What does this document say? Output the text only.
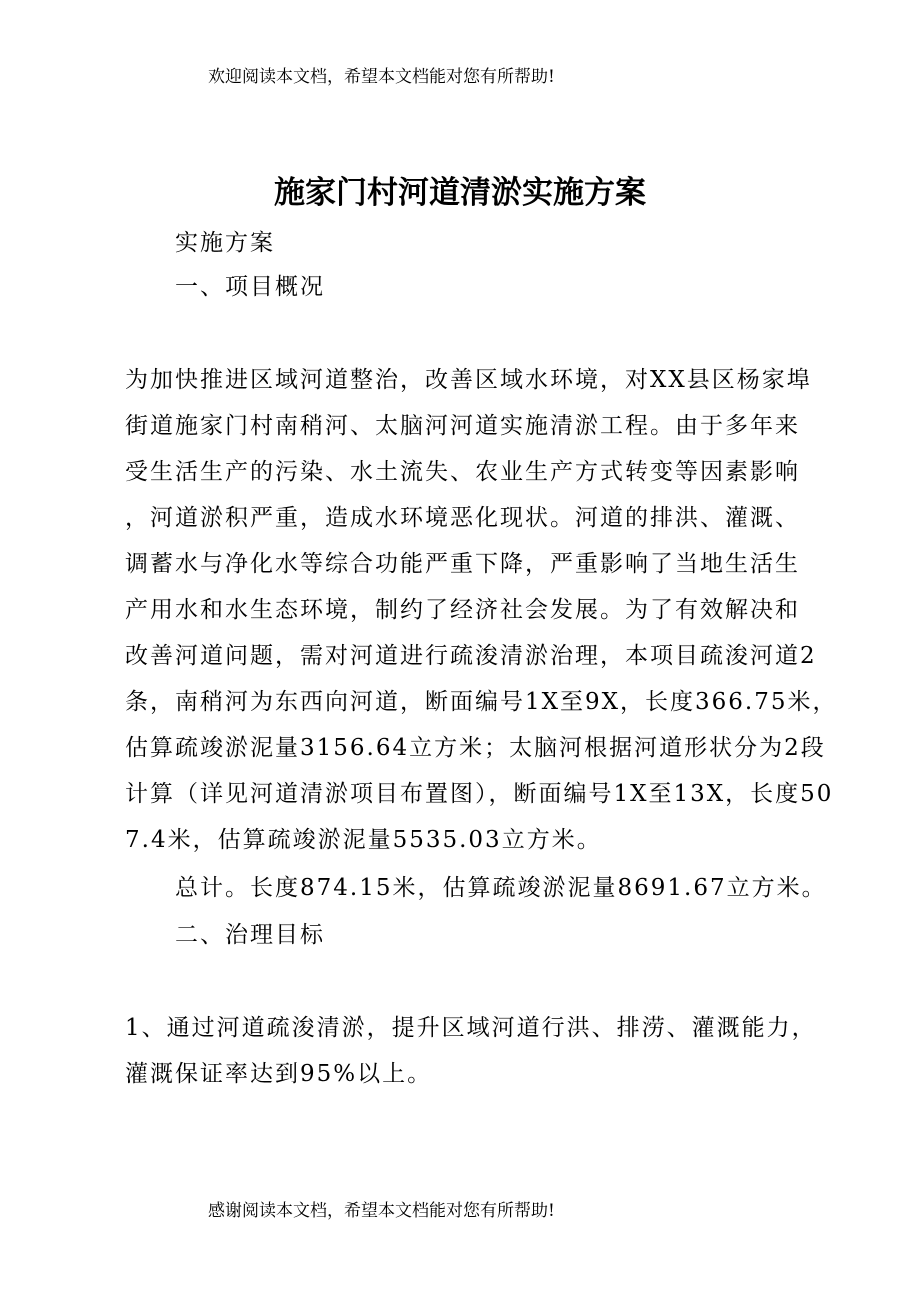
欢迎阅读本文档，希望本文档能对您有所帮助!
施家门村河道清淤实施方案
实施方案
一、项目概况
为加快推进区域河道整治，改善区域水环境，对XX县区杨家埠
街道施家门村南稍河、太脑河河道实施清淤工程。由于多年来
受生活生产的污染、水土流失、农业生产方式转变等因素影响
，河道淤积严重，造成水环境恶化现状。河道的排洪、灌溉、
调蓄水与净化水等综合功能严重下降，严重影响了当地生活生
产用水和水生态环境，制约了经济社会发展。为了有效解决和
改善河道问题，需对河道进行疏浚清淤治理，本项目疏浚河道2
条，南稍河为东西向河道，断面编号1X至9X，长度366.75米，
估算疏竣淤泥量3156.64立方米；太脑河根据河道形状分为2段
计算（详见河道清淤项目布置图），断面编号1X至13X，长度50
7.4米，估算疏竣淤泥量5535.03立方米。
总计。长度874.15米，估算疏竣淤泥量8691.67立方米。
二、治理目标
1、通过河道疏浚清淤，提升区域河道行洪、排涝、灌溉能力，
灌溉保证率达到95%以上。
感谢阅读本文档，希望本文档能对您有所帮助!
